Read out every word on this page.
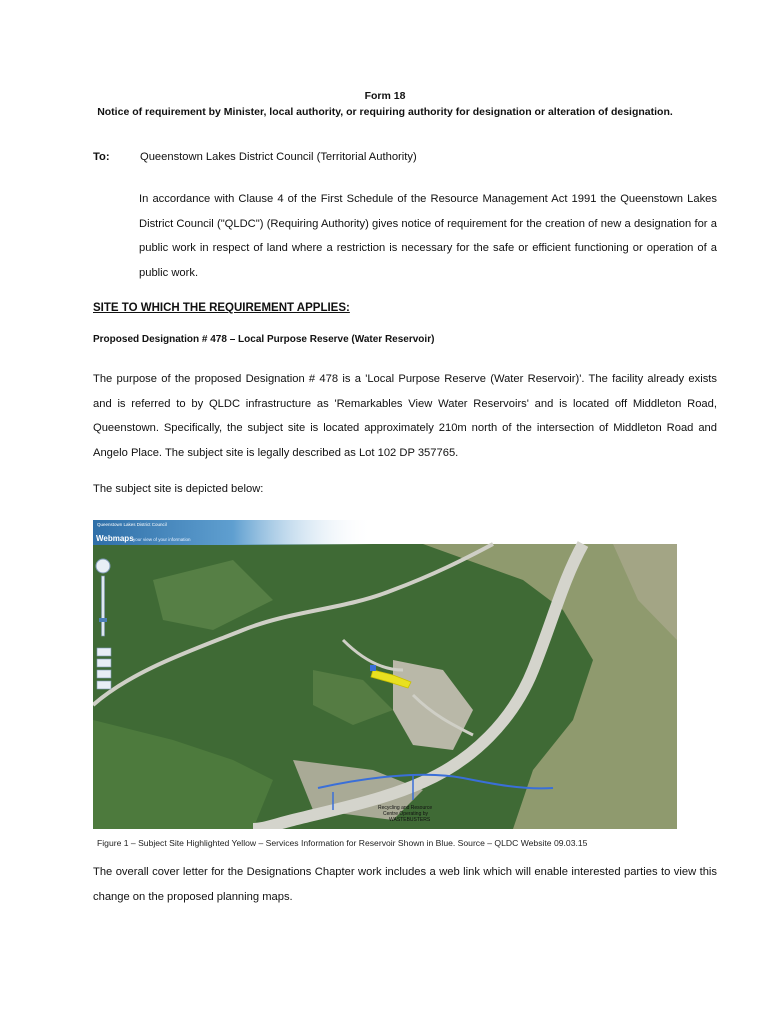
Form 18
Notice of requirement by Minister, local authority, or requiring authority for designation or alteration of designation.
To:	Queenstown Lakes District Council (Territorial Authority)

In accordance with Clause 4 of the First Schedule of the Resource Management Act 1991 the Queenstown Lakes District Council ("QLDC") (Requiring Authority) gives notice of requirement for the creation of new a designation for a public work in respect of land where a restriction is necessary for the safe or efficient functioning or operation of a public work.

SITE TO WHICH THE REQUIREMENT APPLIES:
Proposed Designation # 478 – Local Purpose Reserve (Water Reservoir)

The purpose of the proposed Designation # 478 is a 'Local Purpose Reserve (Water Reservoir)'. The facility already exists and is referred to by QLDC infrastructure as 'Remarkables View Water Reservoirs' and is located off Middleton Road, Queenstown. Specifically, the subject site is located approximately 210m north of the intersection of Middleton Road and Angelo Place. The subject site is legally described as Lot 102 DP 357765.

The subject site is depicted below:
Recycling and Resource
Centre Operating by
WASTEBUSTERS
Queenstown Lakes District Council
Webmaps your view of your information
Figure 1 – Subject Site Highlighted Yellow – Services Information for Reservoir Shown in Blue. Source – QLDC Website 09.03.15

The overall cover letter for the Designations Chapter work includes a web link which will enable interested parties to view this change on the proposed planning maps.
